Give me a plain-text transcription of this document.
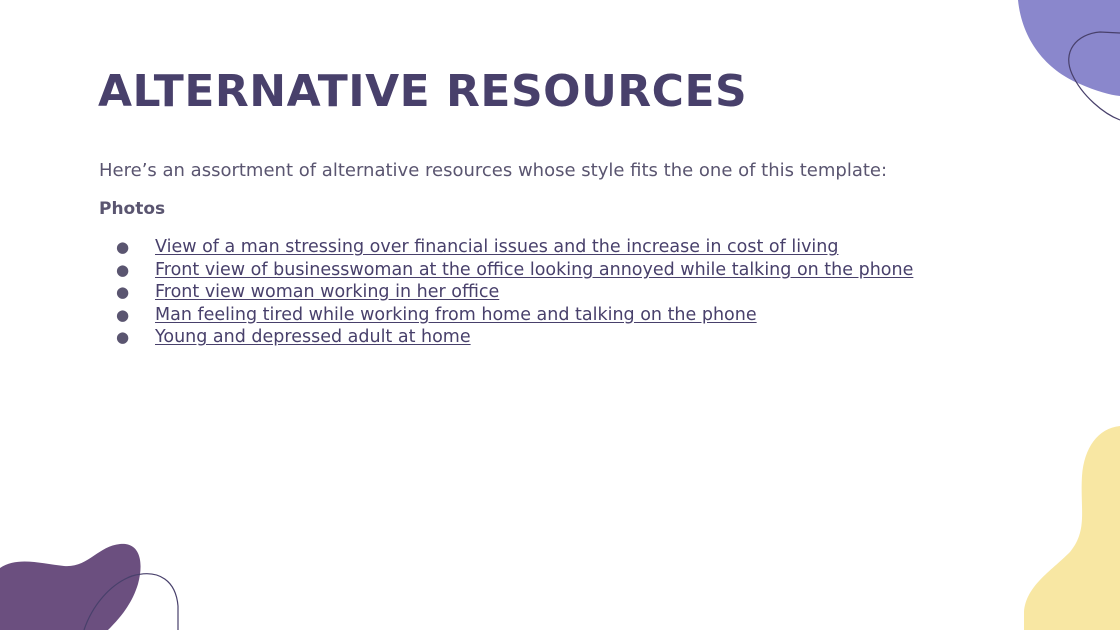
ALTERNATIVE RESOURCES

Here’s an assortment of alternative resources whose style fits the one of this template:

Photos

●	View of a man stressing over financial issues and the increase in cost of living
●	Front view of businesswoman at the office looking annoyed while talking on the phone
●	Front view woman working in her office
●	Man feeling tired while working from home and talking on the phone
●	Young and depressed adult at home
